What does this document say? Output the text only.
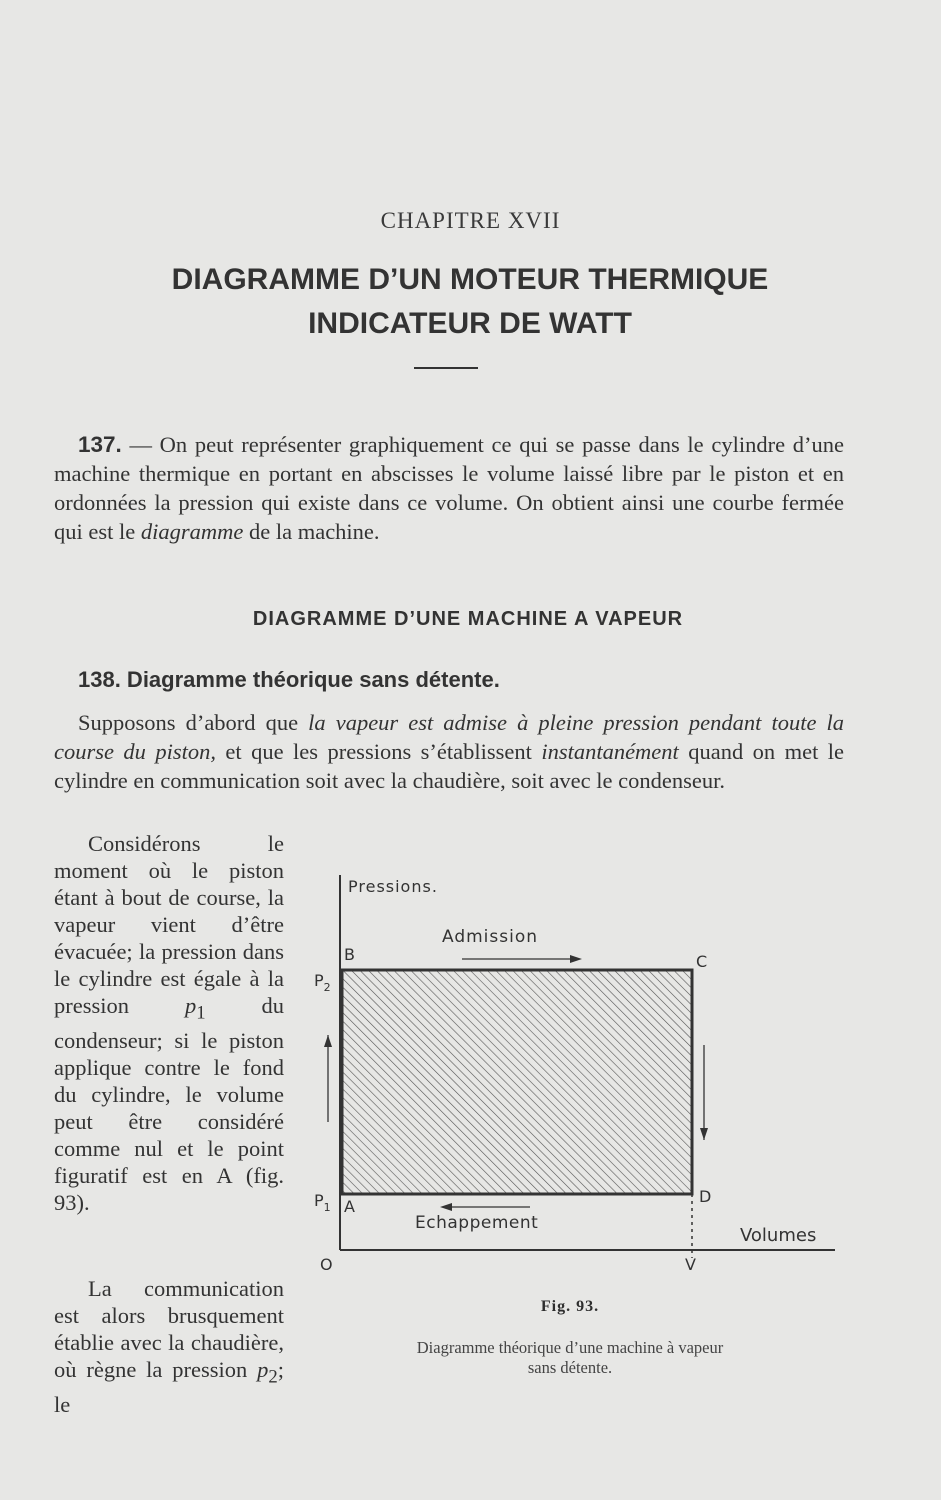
CHAPITRE XVII
DIAGRAMME D’UN MOTEUR THERMIQUE
INDICATEUR DE WATT
137. — On peut représenter graphiquement ce qui se passe dans le cylindre d’une machine thermique en portant en abscisses le volume laissé libre par le piston et en ordonnées la pression qui existe dans ce volume. On obtient ainsi une courbe fermée qui est le diagramme de la machine.
DIAGRAMME D’UNE MACHINE A VAPEUR
138. Diagramme théorique sans détente.
Supposons d’abord que la vapeur est admise à pleine pression pendant toute la course du piston, et que les pressions s’établissent instantanément quand on met le cylindre en communication soit avec la chaudière, soit avec le condenseur.
Considérons le moment où le piston étant à bout de course, la vapeur vient d’être évacuée; la pression dans le cylindre est égale à la pression $p_1$ du condenseur; si le piston applique contre le fond du cylindre, le volume peut être considéré comme nul et le point figuratif est en A (fig. 93).
La communication est alors brusquement établie avec la chaudière, où règne la pression $p_2$; le
Pressions.
Admission
B	C
$P_2$
$P_1$ A
D
Echappement
Volumes
O	V
Fig. 93.
Diagramme théorique d’une machine à vapeur
sans détente.
